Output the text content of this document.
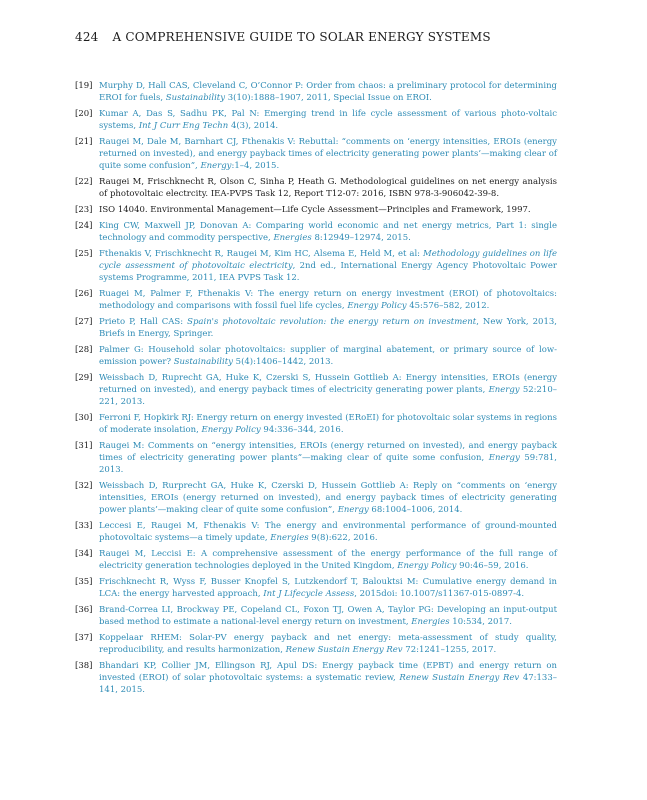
424 A COMPREHENSIVE GUIDE TO SOLAR ENERGY SYSTEMS
[19] Murphy D, Hall CAS, Cleveland C, O’Connor P: Order from chaos: a preliminary protocol for determining EROI for fuels, Sustainability 3(10):1888–1907, 2011, Special Issue on EROI.
[20] Kumar A, Das S, Sadhu PK, Pal N: Emerging trend in life cycle assessment of various photo-voltaic systems, Int J Curr Eng Techn 4(3), 2014.
[21] Raugei M, Dale M, Barnhart CJ, Fthenakis V: Rebuttal: “comments on ‘energy intensities, EROIs (energy returned on invested), and energy payback times of electricity generating power plants’—making clear of quite some confusion”, Energy:1–4, 2015.
[22] Raugei M, Frischknecht R, Olson C, Sinha P, Heath G. Methodological guidelines on net energy analysis of photovoltaic electrcity. IEA-PVPS Task 12, Report T12-07: 2016, ISBN 978-3-906042-39-8.
[23] ISO 14040. Environmental Management—Life Cycle Assessment—Principles and Framework, 1997.
[24] King CW, Maxwell JP, Donovan A: Comparing world economic and net energy metrics, Part 1: single technology and commodity perspective, Energies 8:12949–12974, 2015.
[25] Fthenakis V, Frischknecht R, Raugei M, Kim HC, Alsema E, Held M, et al: Methodology guidelines on life cycle assessment of photovoltaic electricity, 2nd ed., International Energy Agency Photovoltaic Power systems Programme, 2011, IEA PVPS Task 12.
[26] Ruagei M, Palmer F, Fthenakis V: The energy return on energy investment (EROI) of photovoltaics: methodology and comparisons with fossil fuel life cycles, Energy Policy 45:576–582, 2012.
[27] Prieto P, Hall CAS: Spain's photovoltaic revolution: the energy return on investment, New York, 2013, Briefs in Energy, Springer.
[28] Palmer G: Household solar photovoltaics: supplier of marginal abatement, or primary source of low-emission power? Sustainability 5(4):1406–1442, 2013.
[29] Weissbach D, Ruprecht GA, Huke K, Czerski S, Hussein Gottlieb A: Energy intensities, EROIs (energy returned on invested), and energy payback times of electricity generating power plants, Energy 52:210–221, 2013.
[30] Ferroni F, Hopkirk RJ: Energy return on energy invested (ERoEI) for photovoltaic solar systems in regions of moderate insolation, Energy Policy 94:336–344, 2016.
[31] Raugei M: Comments on “energy intensities, EROIs (energy returned on invested), and energy payback times of electricity generating power plants”—making clear of quite some confusion, Energy 59:781, 2013.
[32] Weissbach D, Rurprecht GA, Huke K, Czerski D, Hussein Gottlieb A: Reply on “comments on ‘energy intensities, EROIs (energy returned on invested), and energy payback times of electricity generating power plants’—making clear of quite some confusion”, Energy 68:1004–1006, 2014.
[33] Leccesi E, Raugei M, Fthenakis V: The energy and environmental performance of ground-mounted photovoltaic systems—a timely update, Energies 9(8):622, 2016.
[34] Raugei M, Leccisi E: A comprehensive assessment of the energy performance of the full range of electricity generation technologies deployed in the United Kingdom, Energy Policy 90:46–59, 2016.
[35] Frischknecht R, Wyss F, Busser Knopfel S, Lutzkendorf T, Balouktsi M: Cumulative energy demand in LCA: the energy harvested approach, Int J Lifecycle Assess, 2015doi: 10.1007/s11367-015-0897-4.
[36] Brand-Correa LI, Brockway PE, Copeland CL, Foxon TJ, Owen A, Taylor PG: Developing an input-output based method to estimate a national-level energy return on investment, Energies 10:534, 2017.
[37] Koppelaar RHEM: Solar-PV energy payback and net energy: meta-assessment of study quality, reproducibility, and results harmonization, Renew Sustain Energy Rev 72:1241–1255, 2017.
[38] Bhandari KP, Collier JM, Ellingson RJ, Apul DS: Energy payback time (EPBT) and energy return on invested (EROI) of solar photovoltaic systems: a systematic review, Renew Sustain Energy Rev 47:133–141, 2015.
